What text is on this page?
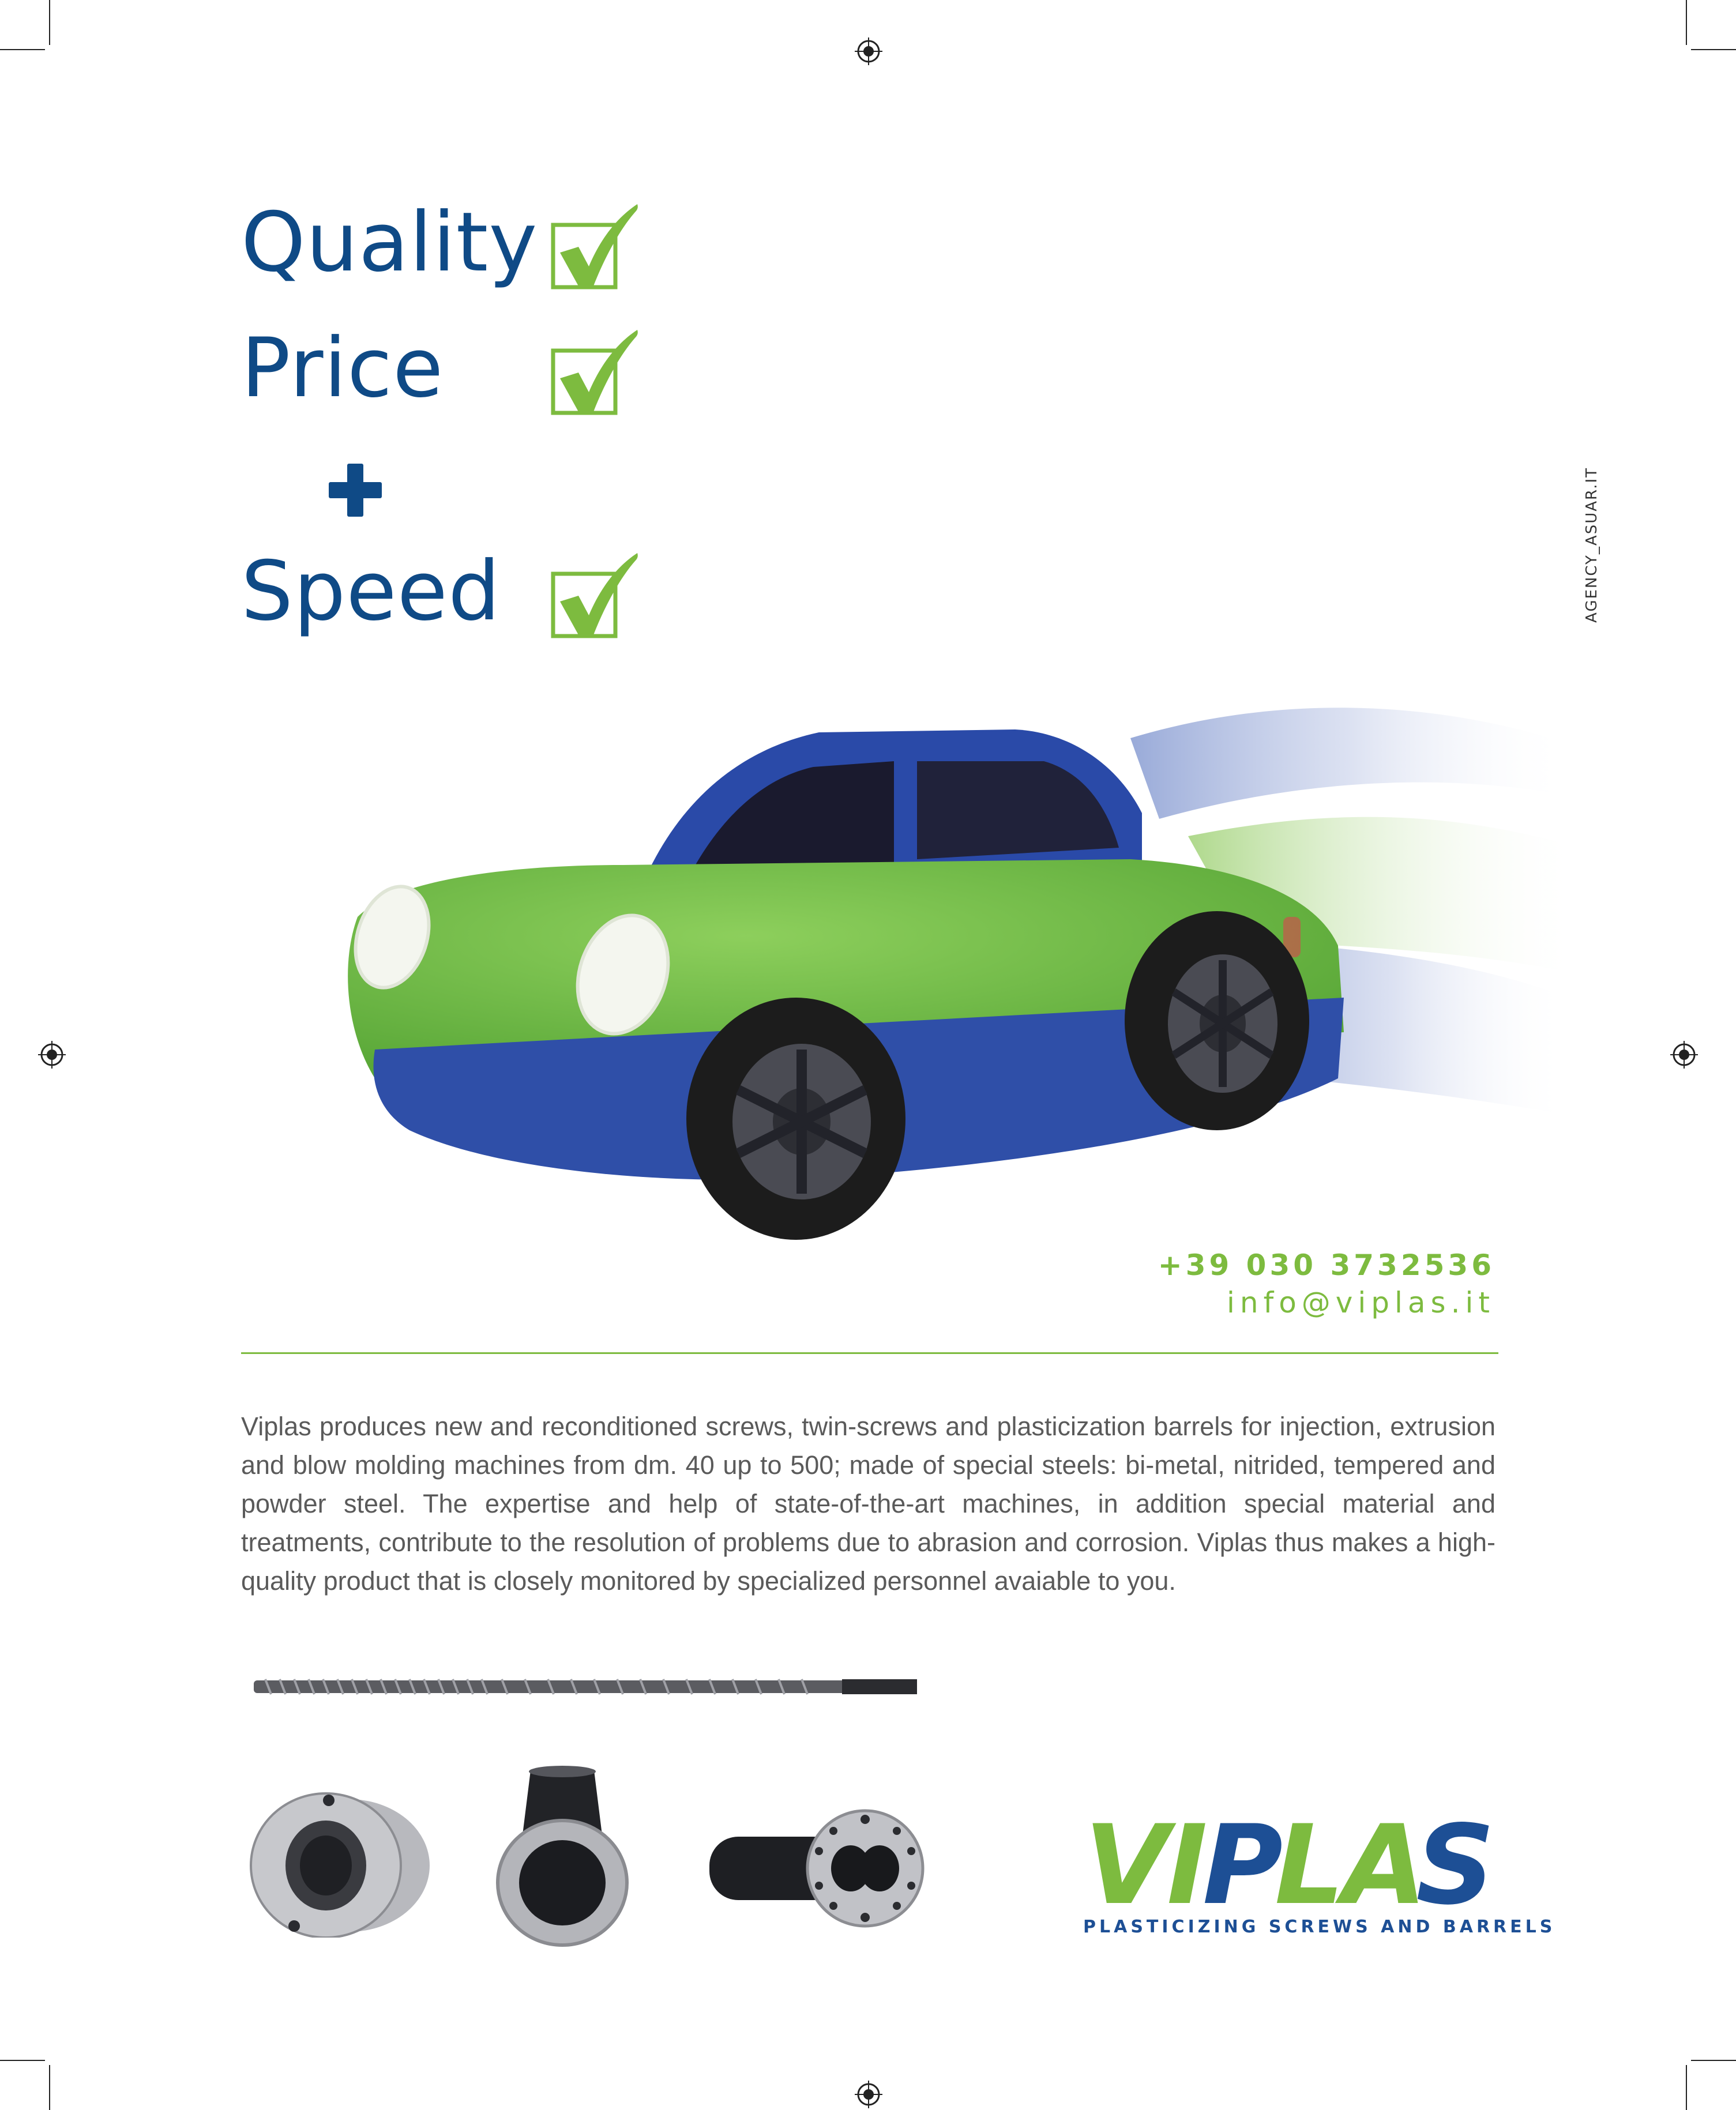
Quality
Price
Speed	AGENCY_ASUAR.IT
+39 030 3732536
info@viplas.it
Viplas produces new and reconditioned screws, twin-screws and plasticization barrels for injection, extrusion and blow molding machines from dm. 40 up to 500; made of special steels: bi-metal, nitrided, tempered and powder steel. The expertise and help of state-of-the-art machines, in addition special material and treatments, contribute to the resolution of problems due to abrasion and corrosion. Viplas thus makes a high-quality product that is closely monitored by specialized personnel avaiable to you.
VI
P
LA
S
PLASTICIZING SCREWS AND BARRELS
